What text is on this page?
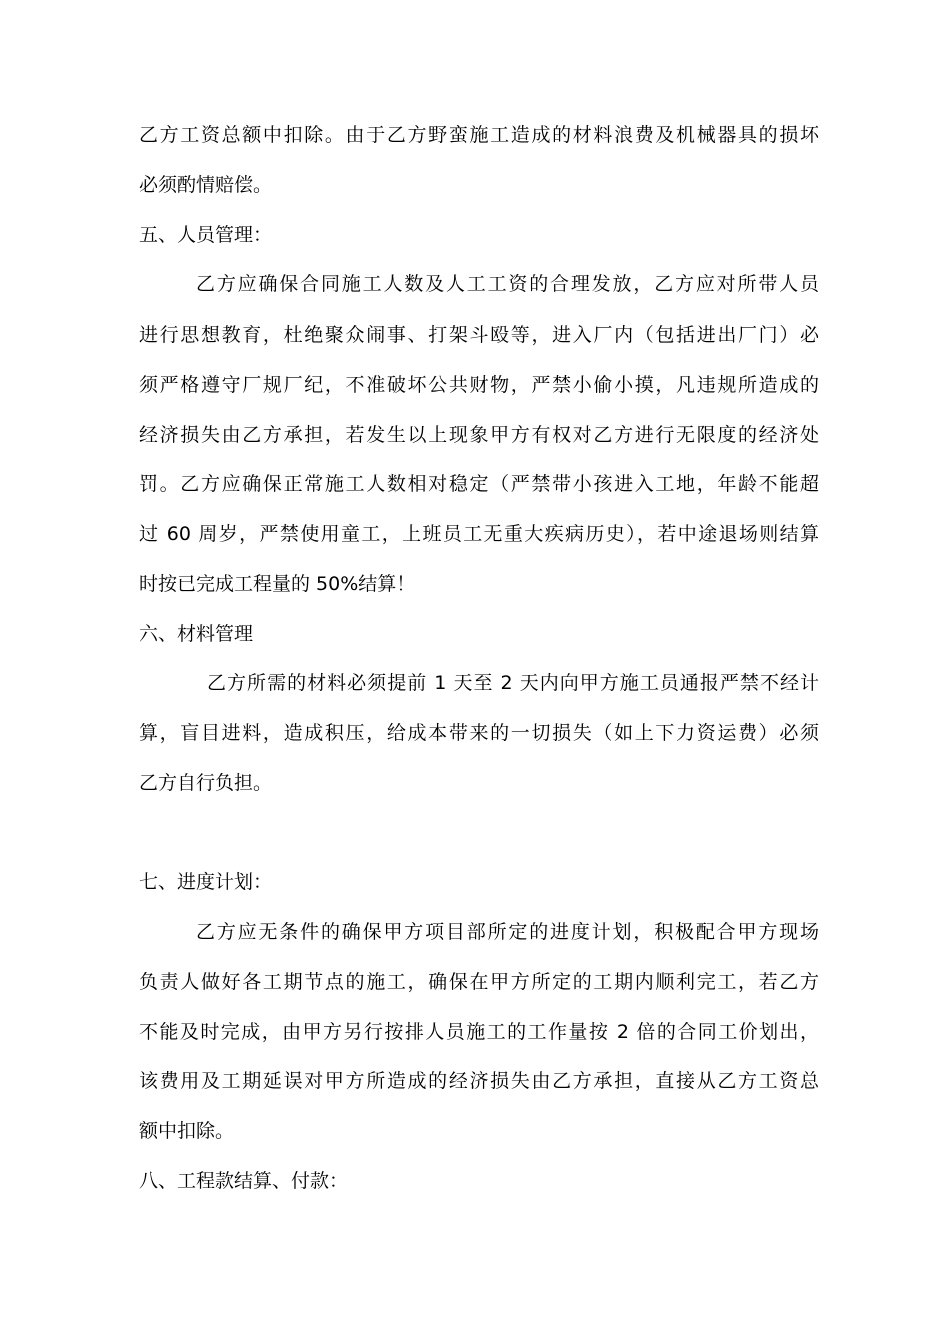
乙方工资总额中扣除。由于乙方野蛮施工造成的材料浪费及机械器具的损坏
必须酌情赔偿。
五、人员管理：
乙方应确保合同施工人数及人工工资的合理发放，乙方应对所带人员
进行思想教育，杜绝聚众闹事、打架斗殴等，进入厂内（包括进出厂门）必
须严格遵守厂规厂纪，不准破坏公共财物，严禁小偷小摸，凡违规所造成的
经济损失由乙方承担，若发生以上现象甲方有权对乙方进行无限度的经济处
罚。乙方应确保正常施工人数相对稳定（严禁带小孩进入工地，年龄不能超
过 60 周岁，严禁使用童工，上班员工无重大疾病历史），若中途退场则结算
时按已完成工程量的 50%结算！
六、材料管理
乙方所需的材料必须提前 1 天至 2 天内向甲方施工员通报严禁不经计
算，盲目进料，造成积压，给成本带来的一切损失（如上下力资运费）必须
乙方自行负担。
七、进度计划：
乙方应无条件的确保甲方项目部所定的进度计划，积极配合甲方现场
负责人做好各工期节点的施工，确保在甲方所定的工期内顺利完工，若乙方
不能及时完成，由甲方另行按排人员施工的工作量按 2 倍的合同工价划出，
该费用及工期延误对甲方所造成的经济损失由乙方承担，直接从乙方工资总
额中扣除。
八、工程款结算、付款：
